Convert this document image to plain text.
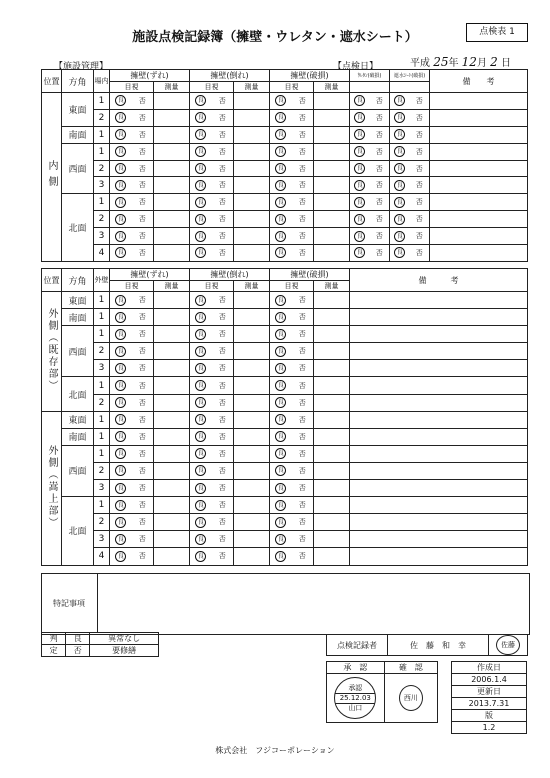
施設点検記録簿（擁壁・ウレタン・遮水シート）	点検表 1
【施設管理】	【点検日】	平成 25年 12月 2 日
位置	方角	場内	擁壁(ずれ)			擁壁(倒れ)			擁壁(破損)			ｳﾚﾀﾝ(破損)		遮水ｼｰﾄ(破損)		備　　考
			目視		測量	目視		測量	目視		測量					
内側	東面	1	良	否		良	否		良	否		良	否	良	否	
		2	良	否		良	否		良	否		良	否	良	否	
	南面	1	良	否		良	否		良	否		良	否	良	否	
	西面	1	良	否		良	否		良	否		良	否	良	否	
		2	良	否		良	否		良	否		良	否	良	否	
		3	良	否		良	否		良	否		良	否	良	否	
	北面	1	良	否		良	否		良	否		良	否	良	否	
		2	良	否		良	否		良	否		良	否	良	否	
		3	良	否		良	否		良	否		良	否	良	否	
		4	良	否		良	否		良	否		良	否	良	否	
位置	方角	外壁	擁壁(ずれ)			擁壁(倒れ)			擁壁(破損)			備　　　考
			目視		測量	目視		測量	目視		測量	
外側（既存部）	東面	1	良	否		良	否		良	否		
	南面	1	良	否		良	否		良	否		
	西面	1	良	否		良	否		良	否		
		2	良	否		良	否		良	否		
		3	良	否		良	否		良	否		
	北面	1	良	否		良	否		良	否		
		2	良	否		良	否		良	否		
外側（嵩上部）	東面	1	良	否		良	否		良	否		
	南面	1	良	否		良	否		良	否		
	西面	1	良	否		良	否		良	否		
		2	良	否		良	否		良	否		
		3	良	否		良	否		良	否		
	北面	1	良	否		良	否		良	否		
		2	良	否		良	否		良	否		
		3	良	否		良	否		良	否		
		4	良	否		良	否		良	否		
特記事項
判	良	異常なし
定	否	要修繕
点検記録者	佐　藤　和　幸	佐藤
承　認	確　認

承認
25.12.03
山口	西川
作成日
2006.1.4
更新日
2013.7.31
版
1.2
株式会社　フジコーポレーション
